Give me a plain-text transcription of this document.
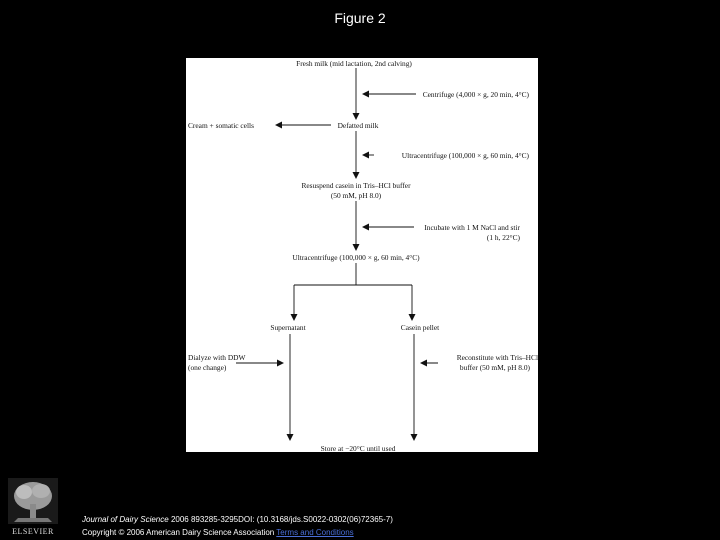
Figure 2
Fresh milk (mid lactation, 2nd calving)
Centrifuge (4,000 × g, 20 min, 4°C)
Cream + somatic cells	Defatted milk
Ultracentrifuge (100,000 × g, 60 min, 4°C)
Resuspend casein in Tris–HCl buffer
(50 mM, pH 8.0)
Incubate with 1 M NaCl and stir
(1 h, 22°C)
Ultracentrifuge (100,000 × g, 60 min, 4°C)
Supernatant	Casein pellet
Dialyze with DDW
(one change)
Reconstitute with Tris–HCl
buffer (50 mM, pH 8.0)
Store at −20°C until used
ELSEVIER
Journal of Dairy Science 2006 893285-3295DOI: (10.3168/jds.S0022-0302(06)72365-7)
Copyright © 2006 American Dairy Science Association Terms and Conditions
